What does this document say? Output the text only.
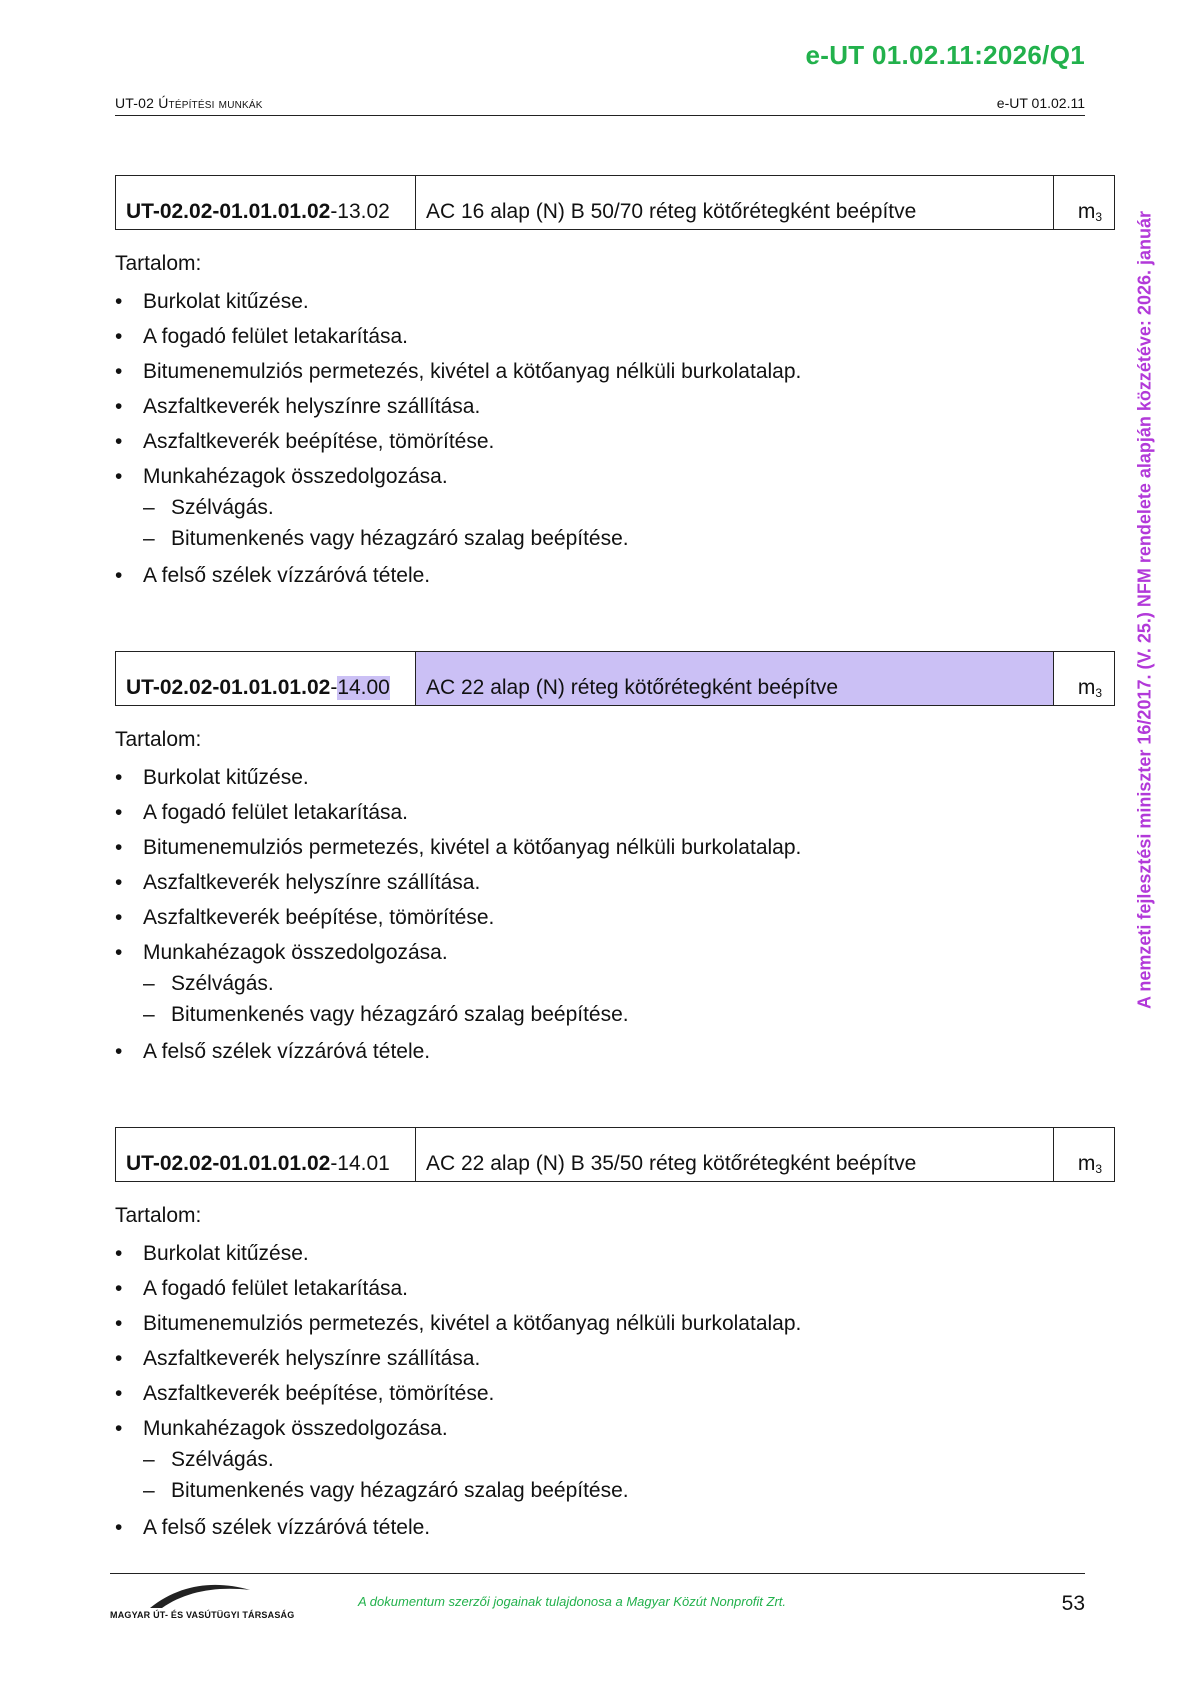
e-UT 01.02.11:2026/Q1
UT-02 Útépítési munkák	e-UT 01.02.11
A nemzeti fejlesztési miniszter 16/2017. (V. 25.) NFM rendelete alapján közzétéve: 2026. január
UT-02.02-01.01.01.02 -13.02	AC 16 alap (N) B 50/70 réteg kötőrétegként beépítve	$m_3$
Tartalom:
• Burkolat kitűzése.
• A fogadó felület letakarítása.
• Bitumenemulziós permetezés, kivétel a kötőanyag nélküli burkolatalap.
• Aszfaltkeverék helyszínre szállítása.
• Aszfaltkeverék beépítése, tömörítése.
• Munkahézagok összedolgozása.
– Szélvágás.
– Bitumenkenés vagy hézagzáró szalag beépítése.
• A felső szélek vízzáróvá tétele.
UT-02.02-01.01.01.02 - 14.00	AC 22 alap (N) réteg kötőrétegként beépítve	$m_3$
Tartalom:
• Burkolat kitűzése.
• A fogadó felület letakarítása.
• Bitumenemulziós permetezés, kivétel a kötőanyag nélküli burkolatalap.
• Aszfaltkeverék helyszínre szállítása.
• Aszfaltkeverék beépítése, tömörítése.
• Munkahézagok összedolgozása.
– Szélvágás.
– Bitumenkenés vagy hézagzáró szalag beépítése.
• A felső szélek vízzáróvá tétele.
UT-02.02-01.01.01.02 -14.01	AC 22 alap (N) B 35/50 réteg kötőrétegként beépítve	$m_3$
Tartalom:
• Burkolat kitűzése.
• A fogadó felület letakarítása.
• Bitumenemulziós permetezés, kivétel a kötőanyag nélküli burkolatalap.
• Aszfaltkeverék helyszínre szállítása.
• Aszfaltkeverék beépítése, tömörítése.
• Munkahézagok összedolgozása.
– Szélvágás.
– Bitumenkenés vagy hézagzáró szalag beépítése.
• A felső szélek vízzáróvá tétele.
MAGYAR ÚT- ÉS VASÚTÜGYI TÁRSASÁG
A dokumentum szerzői jogainak tulajdonosa a Magyar Közút Nonprofit Zrt.	53
